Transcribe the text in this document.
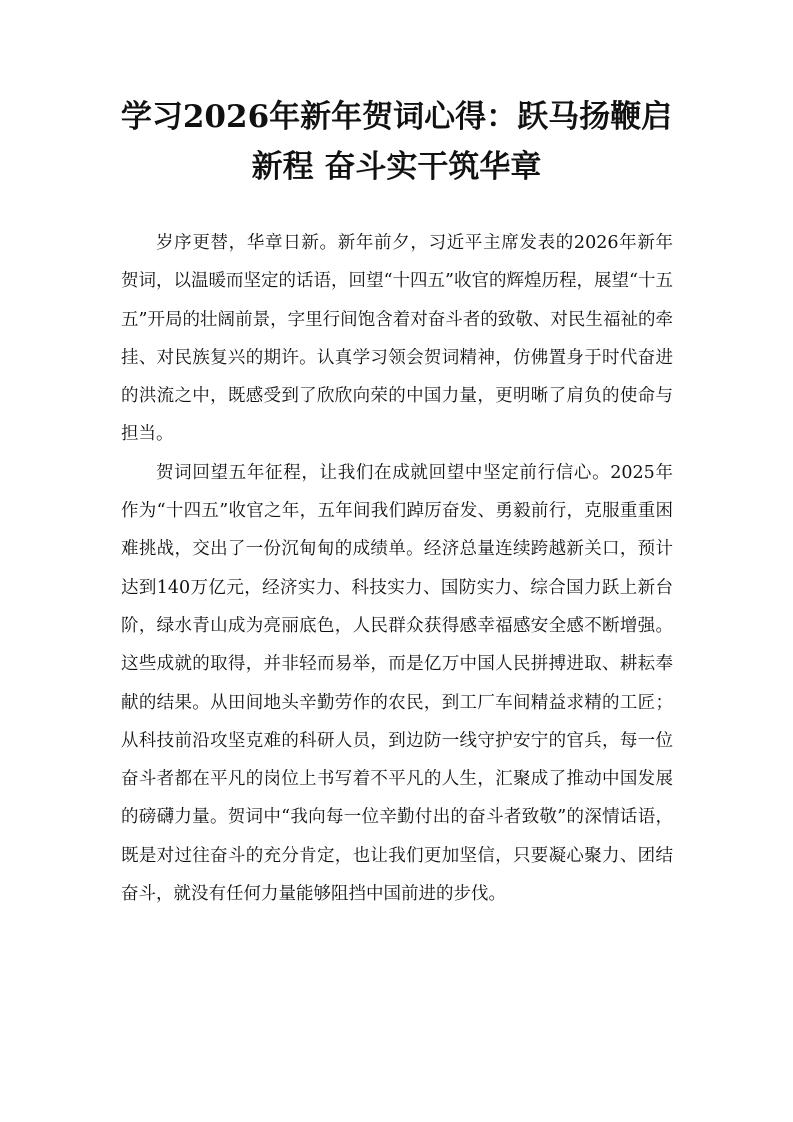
学习2026年新年贺词心得：跃马扬鞭启
新程 奋斗实干筑华章

岁序更替，华章日新。新年前夕，习近平主席发表的2026年新年贺词，以温暖而坚定的话语，回望“十四五”收官的辉煌历程，展望“十五五”开局的壮阔前景，字里行间饱含着对奋斗者的致敬、对民生福祉的牵挂、对民族复兴的期许。认真学习领会贺词精神，仿佛置身于时代奋进的洪流之中，既感受到了欣欣向荣的中国力量，更明晰了肩负的使命与担当。

贺词回望五年征程，让我们在成就回望中坚定前行信心。2025年作为“十四五”收官之年，五年间我们踔厉奋发、勇毅前行，克服重重困难挑战，交出了一份沉甸甸的成绩单。经济总量连续跨越新关口，预计达到140万亿元，经济实力、科技实力、国防实力、综合国力跃上新台阶，绿水青山成为亮丽底色，人民群众获得感幸福感安全感不断增强。这些成就的取得，并非轻而易举，而是亿万中国人民拼搏进取、耕耘奉献的结果。从田间地头辛勤劳作的农民，到工厂车间精益求精的工匠；从科技前沿攻坚克难的科研人员，到边防一线守护安宁的官兵，每一位奋斗者都在平凡的岗位上书写着不平凡的人生，汇聚成了推动中国发展的磅礴力量。贺词中“我向每一位辛勤付出的奋斗者致敬”的深情话语，既是对过往奋斗的充分肯定，也让我们更加坚信，只要凝心聚力、团结奋斗，就没有任何力量能够阻挡中国前进的步伐。
